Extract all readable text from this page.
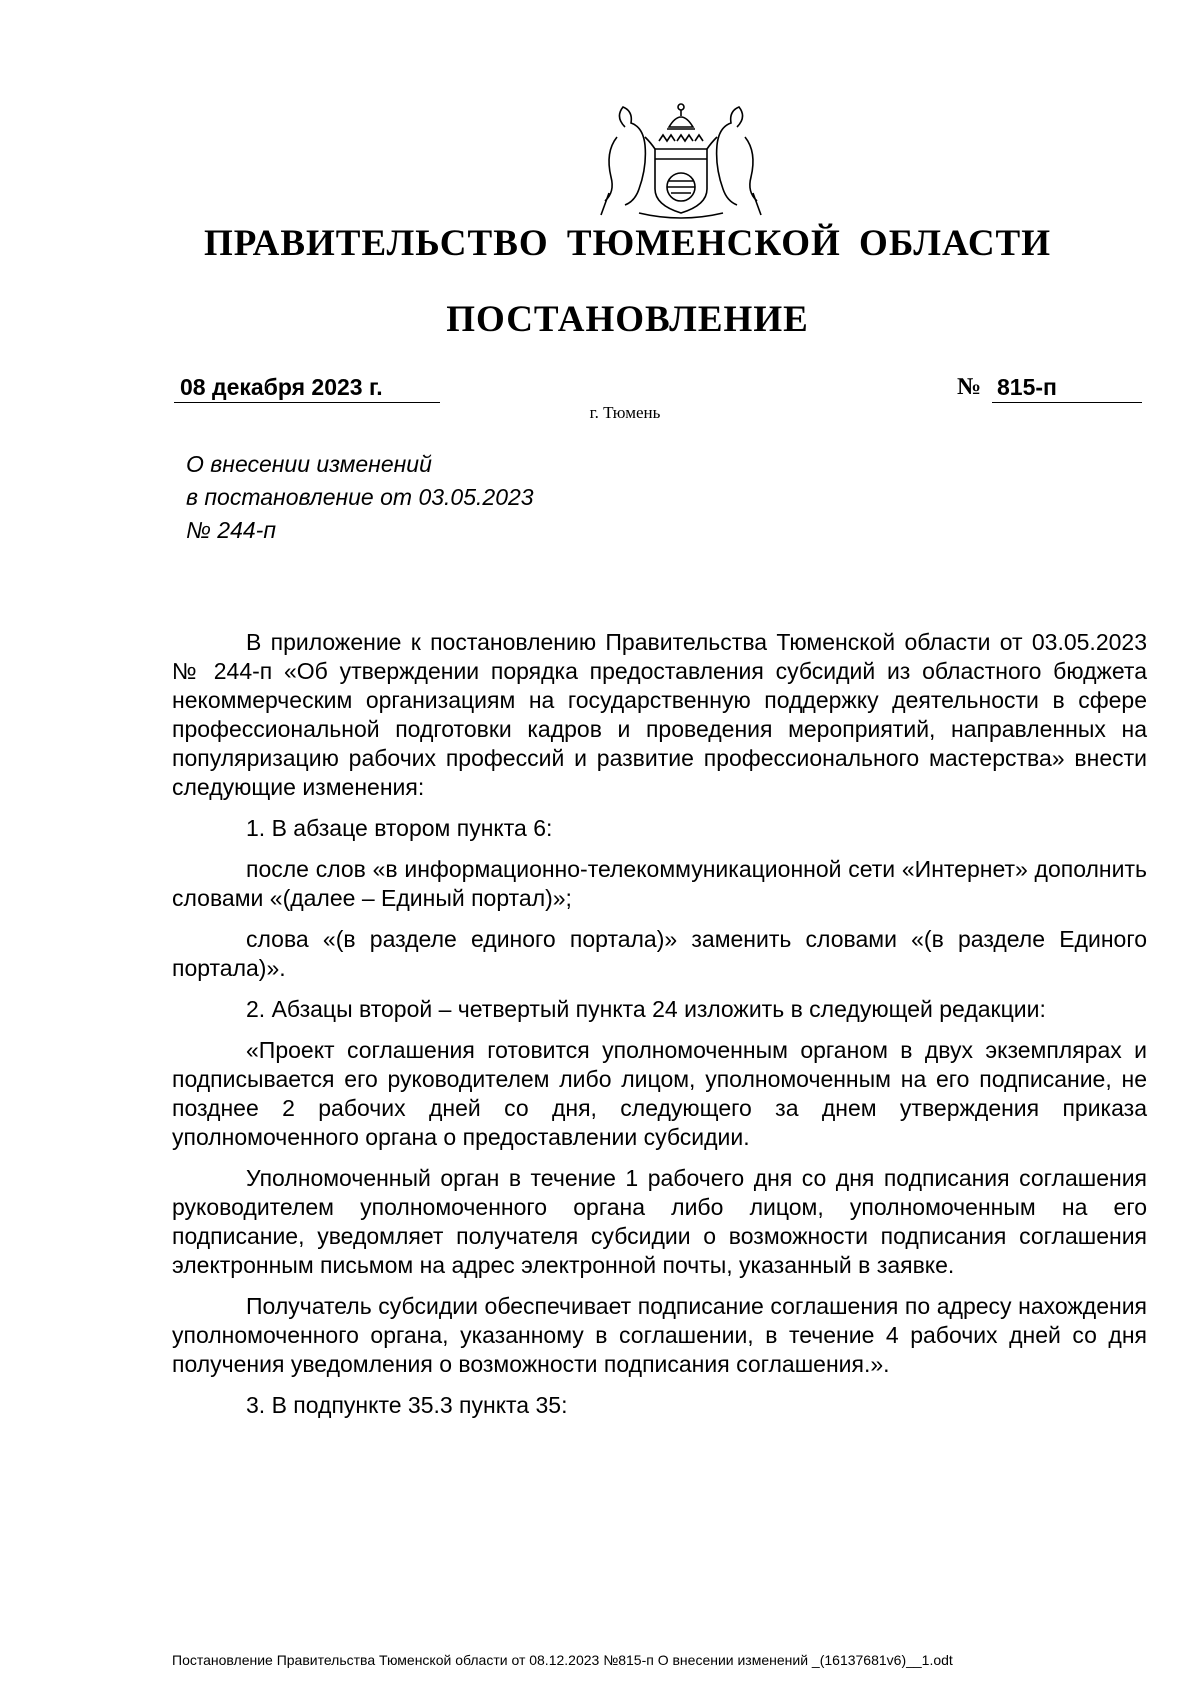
ПРАВИТЕЛЬСТВО ТЮМЕНСКОЙ ОБЛАСТИ
ПОСТАНОВЛЕНИЕ
08 декабря 2023 г.	№ 815-п
г. Тюмень
О внесении изменений
в постановление от 03.05.2023
№ 244-п

В приложение к постановлению Правительства Тюменской области от 03.05.2023 № 244-п «Об утверждении порядка предоставления субсидий из областного бюджета некоммерческим организациям на государственную поддержку деятельности в сфере профессиональной подготовки кадров и проведения мероприятий, направленных на популяризацию рабочих профессий и развитие профессионального мастерства» внести следующие изменения:

1. В абзаце втором пункта 6:

после слов «в информационно-телекоммуникационной сети «Интернет» дополнить словами «(далее – Единый портал)»;

слова «(в разделе единого портала)» заменить словами «(в разделе Единого портала)».

2. Абзацы второй – четвертый пункта 24 изложить в следующей редакции:

«Проект соглашения готовится уполномоченным органом в двух экземплярах и подписывается его руководителем либо лицом, уполномоченным на его подписание, не позднее 2 рабочих дней со дня, следующего за днем утверждения приказа уполномоченного органа о предоставлении субсидии.

Уполномоченный орган в течение 1 рабочего дня со дня подписания соглашения руководителем уполномоченного органа либо лицом, уполномоченным на его подписание, уведомляет получателя субсидии о возможности подписания соглашения электронным письмом на адрес электронной почты, указанный в заявке.

Получатель субсидии обеспечивает подписание соглашения по адресу нахождения уполномоченного органа, указанному в соглашении, в течение 4 рабочих дней со дня получения уведомления о возможности подписания соглашения.».

3. В подпункте 35.3 пункта 35:

Постановление Правительства Тюменской области от 08.12.2023 №815-п О внесении изменений _(16137681v6)__1.odt
